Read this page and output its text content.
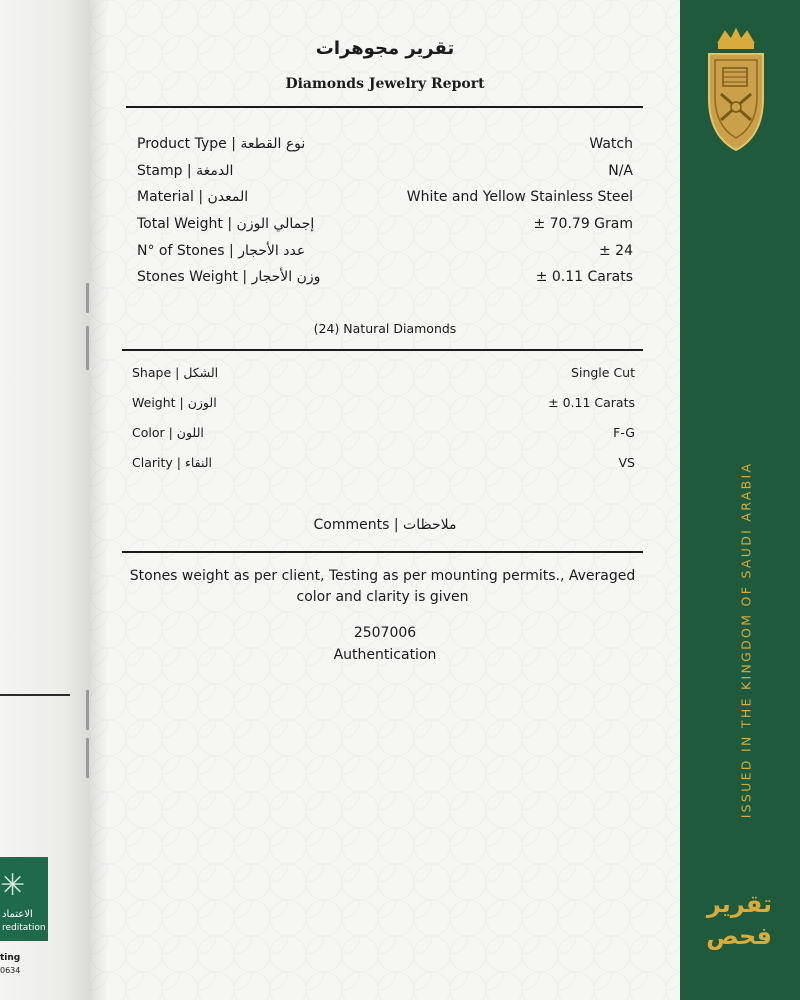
✳
الاعتماد
reditation
ting
0634
تقرير مجوهرات
Diamonds Jewelry Report
Product Type | نوع القطعة	Watch
Stamp | الدمغة	N/A
Material | المعدن	White and Yellow Stainless Steel
Total Weight | إجمالي الوزن	± 70.79 Gram
N° of Stones | عدد الأحجار	± 24
Stones Weight | وزن الأحجار	± 0.11 Carats
(24) Natural Diamonds
Shape | الشكل	Single Cut
Weight | الوزن	± 0.11 Carats
Color | اللون	F-G
Clarity | النقاء	VS
Comments | ملاحظات
Stones weight as per client, Testing as per mounting permits., Averaged
color and clarity is given
2507006
Authentication	ISSUED IN THE KINGDOM OF SAUDI ARABIA
تقرير
فحص
